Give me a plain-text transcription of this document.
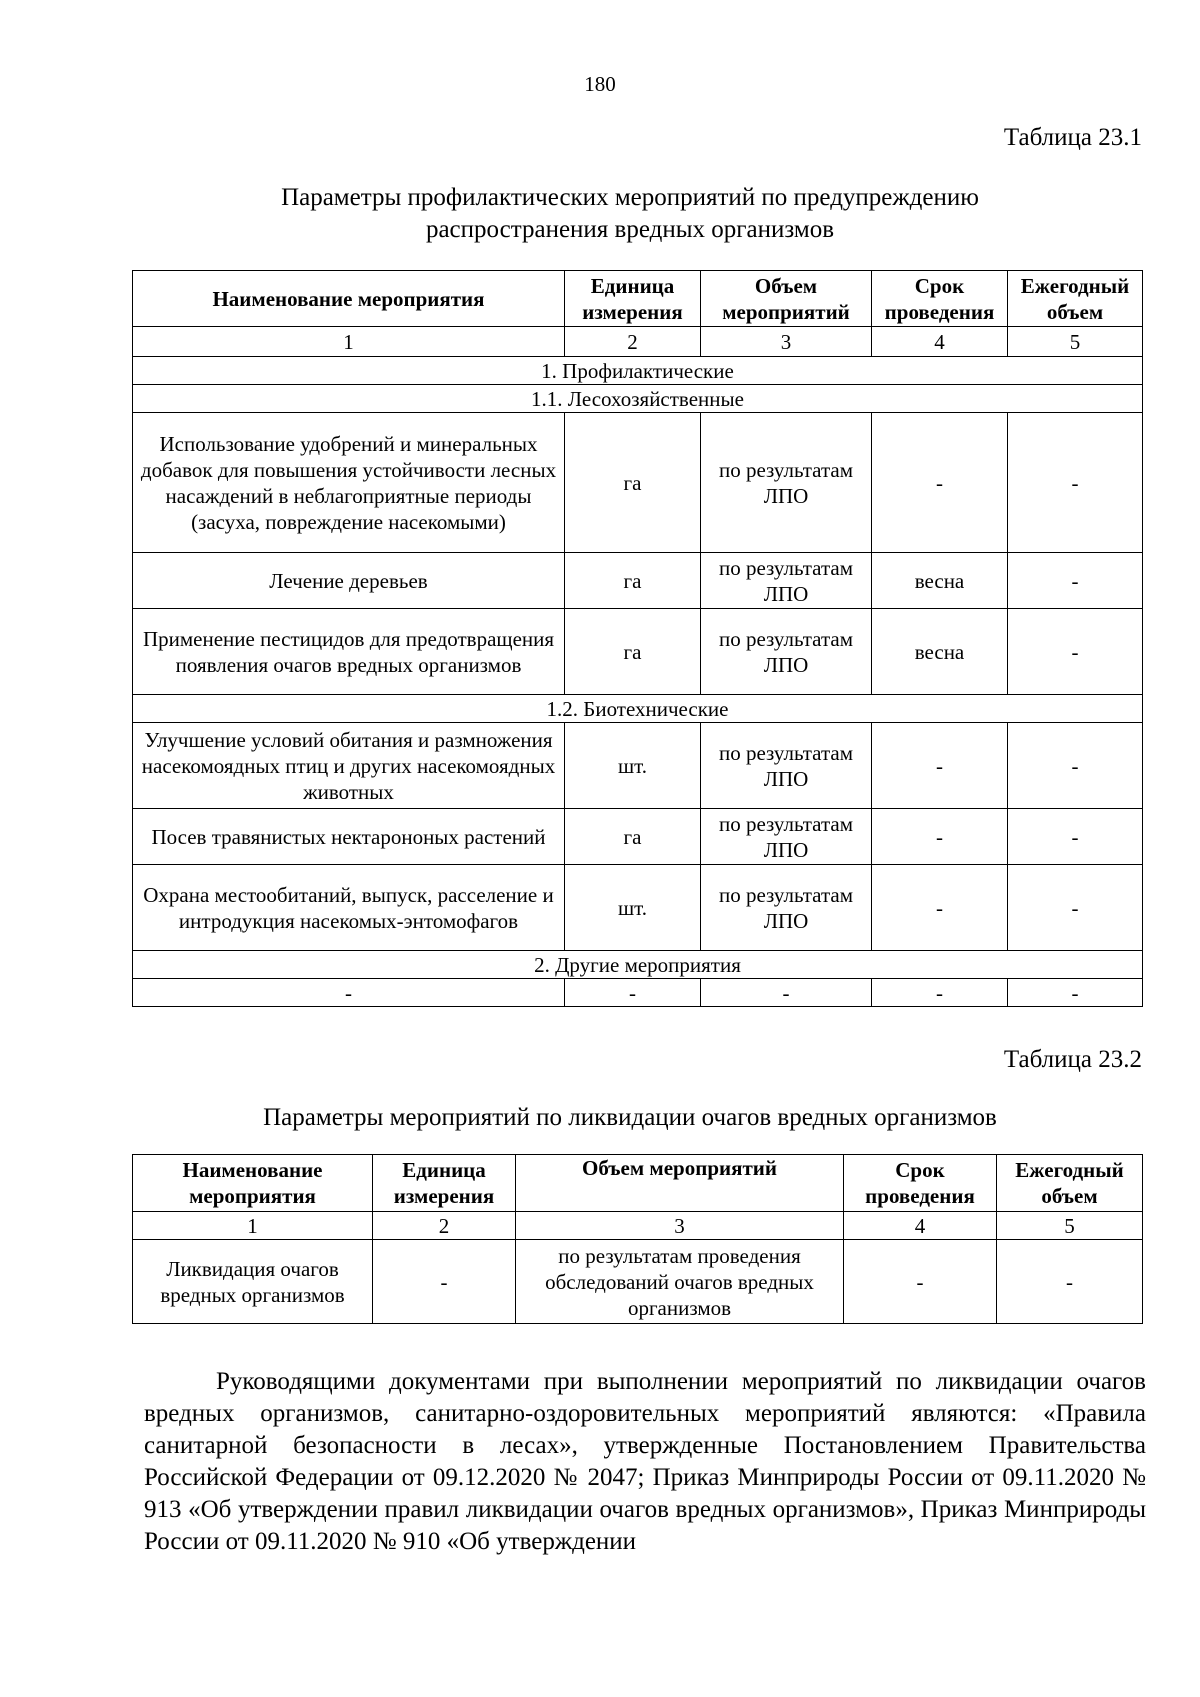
180
Таблица 23.1
Параметры профилактических мероприятий по предупреждению
распространения вредных организмов
Наименование мероприятия	Единица измерения	Объем мероприятий	Срок проведения	Ежегодный объем
1	2	3	4	5
1. Профилактические				
1.1. Лесохозяйственные				
Использование удобрений и минеральных добавок для повышения устойчивости лесных насаждений в неблагоприятные периоды (засуха, повреждение насекомыми)	га	по результатам ЛПО	-	-
Лечение деревьев	га	по результатам ЛПО	весна	-
Применение пестицидов для предотвращения появления очагов вредных организмов	га	по результатам ЛПО	весна	-
1.2. Биотехнические				
Улучшение условий обитания и размножения насекомоядных птиц и других насекомоядных животных	шт.	по результатам ЛПО	-	-
Посев травянистых нектарононых растений	га	по результатам ЛПО	-	-
Охрана местообитаний, выпуск, расселение и интродукция насекомых-энтомофагов	шт.	по результатам ЛПО	-	-
2. Другие мероприятия				
-	-	-	-	-
Таблица 23.2
Параметры мероприятий по ликвидации очагов вредных организмов
Наименование мероприятия	Единица измерения	Объем мероприятий	Срок проведения	Ежегодный объем
1	2	3	4	5
Ликвидация очагов вредных организмов	-	по результатам проведения обследований очагов вредных организмов	-	-
Руководящими документами при выполнении мероприятий по ликвидации очагов вредных организмов, санитарно-оздоровительных мероприятий являются: «Правила санитарной безопасности в лесах», утвержденные Постановлением Правительства Российской Федерации от 09.12.2020 № 2047; Приказ Минприроды России от 09.11.2020 № 913 «Об утверждении правил ликвидации очагов вредных организмов», Приказ Минприроды России от 09.11.2020 № 910 «Об утверждении
